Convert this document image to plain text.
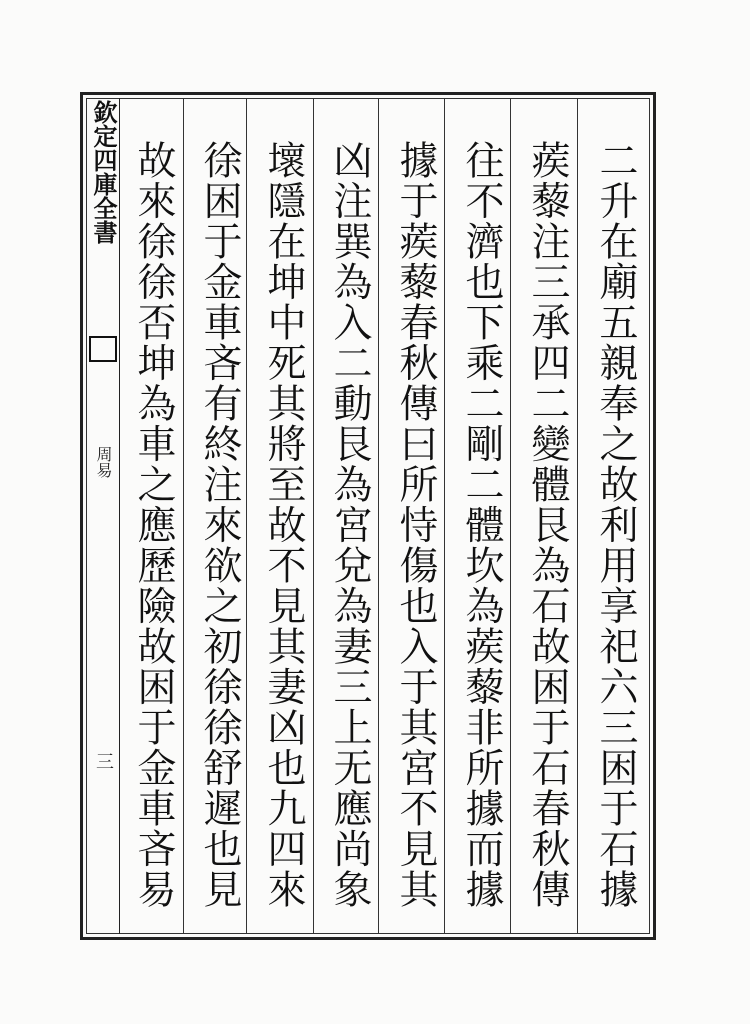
欽定四庫全書
周易
三
二升在廟五親奉之故利用享祀六三困于石據
蒺藜注三承四二變體艮為石故困于石春秋傳
往不濟也下乘二剛二體坎為蒺藜非所據而據
據于蒺藜春秋傳曰所恃傷也入于其宮不見其
凶注巽為入二動艮為宮兌為妻三上无應尚象
壞隱在坤中死其將至故不見其妻凶也九四來
徐困于金車吝有終注來欲之初徐徐舒遲也見
故來徐徐否坤為車之應歷險故困于金車吝易
